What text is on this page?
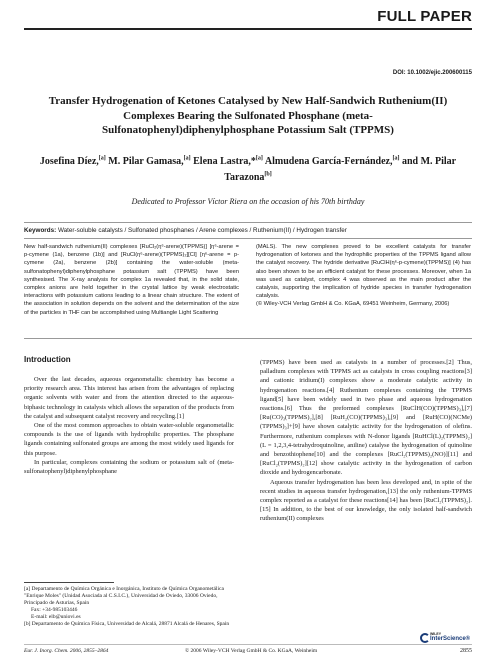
FULL PAPER
DOI: 10.1002/ejic.200600115
Transfer Hydrogenation of Ketones Catalysed by New Half-Sandwich Ruthenium(II) Complexes Bearing the Sulfonated Phosphane (meta-Sulfonatophenyl)diphenylphosphane Potassium Salt (TPPMS)
Josefina Díez,[a] M. Pilar Gamasa,[a] Elena Lastra,*[a] Almudena García-Fernández,[a] and M. Pilar Tarazona[b]
Dedicated to Professor Víctor Riera on the occasion of his 70th birthday
Keywords: Water-soluble catalysts / Sulfonated phosphanes / Arene complexes / Ruthenium(II) / Hydrogen transfer

New half-sandwich ruthenium(II) complexes [RuCl₂(η⁶-arene)(TPPMS)] [η⁶-arene = p-cymene (1a), benzene (1b)] and [RuCl(η⁶-arene)(TPPMS)₂][Cl] [η⁶-arene = p-cymene (2a), benzene (2b)] containing the water-soluble (meta-sulfonatophenyl)diphenylphosphane potassium salt (TPPMS) have been synthesised. The X-ray analysis for complex 1a revealed that, in the solid state, complex anions are held together in the crystal lattice by weak electrostatic interactions with potassium cations leading to a linear chain structure. The extent of the association in solution depends on the solvent and the determination of the size of the particles in THF can be accomplished using Multiangle Light Scattering

(MALS). The new complexes proved to be excellent catalysts for transfer hydrogenation of ketones and the hydrophilic properties of the TPPMS ligand allow the catalyst recovery. The hydride derivative [RuClH(η⁶-p-cymene)(TPPMS)] (4) has also been shown to be an efficient catalyst for these processes. Moreover, when 1a was used as catalyst, complex 4 was observed as the main product after the catalysis, supporting the implication of hydride species in transfer hydrogenation catalysis.

(© Wiley-VCH Verlag GmbH & Co. KGaA, 69451 Weinheim, Germany, 2006)

Introduction

Over the last decades, aqueous organometallic chemistry has become a priority research area. This interest has arisen from the advantages of replacing organic solvents with water and from the attention directed to the aqueous-biphasic technology in catalysis which allows the separation of the products from the catalyst and subsequent catalyst recovery and recycling.[1]

One of the most common approaches to obtain water-soluble organometallic compounds is the use of ligands with hydrophilic properties. The phosphane ligands containing sulfonated groups are among the most widely used ligands for this purpose.

In particular, complexes containing the sodium or potassium salt of (meta-sulfonatophenyl)diphenylphosphane

(TPPMS) have been used as catalysts in a number of processes.[2] Thus, palladium complexes with TPPMS act as catalysts in cross coupling reactions[3] and cationic iridium(I) complexes show a moderate catalytic activity in hydrogenation reactions.[4] Ruthenium complexes containing the TPPMS ligand[5] have been widely used in two phase and aqueous hydrogenation reactions.[6] Thus the preformed complexes [RuClH(CO)(TPPMS)₃],[7] [Ru(CO)₃(TPPMS)₂],[8] [RuH₂(CO)(TPPMS)₃],[9] and [RuH(CO)(NCMe)(TPPMS)₃]+[9] have shown catalytic activity for the hydrogenation of olefins. Furthermore, ruthenium complexes with N-donor ligands [RuHCl(L)₂(TPPMS)₂] (L = 1,2,3,4-tetrahydroquinoline, aniline) catalyse the hydrogenation of quinoline and benzothiophene[10] and the complexes [RuCl₂(TPPMS)₂(NO)][11] and [RuCl₂(TPPMS)₂][12] show catalytic activity in the hydrogenation of carbon dioxide and hydrogencarbonate.

Aqueous transfer hydrogenation has been less developed and, in spite of the recent studies in aqueous transfer hydrogenation,[13] the only ruthenium-TPPMS complex reported as a catalyst for these reactions[14] has been [RuCl₂(TPPMS)₂].[15] In addition, to the best of our knowledge, the only isolated half-sandwich ruthenium(II) complexes

[a] Departamento de Química Orgánica e Inorgánica, Instituto de Química Organometálica "Enrique Moles" (Unidad Asociada al C.S.I.C.), Universidad de Oviedo, 33006 Oviedo, Principado de Asturias, Spain

Fax: +34-985103446

E-mail: elb@uniovi.es

[b] Departamento de Química Física, Universidad de Alcalá, 28871 Alcalá de Henares, Spain

Eur. J. Inorg. Chem. 2006, 2855–2864	© 2006 Wiley-VCH Verlag GmbH & Co. KGaA, Weinheim
WILEY
InterScience®
2855
